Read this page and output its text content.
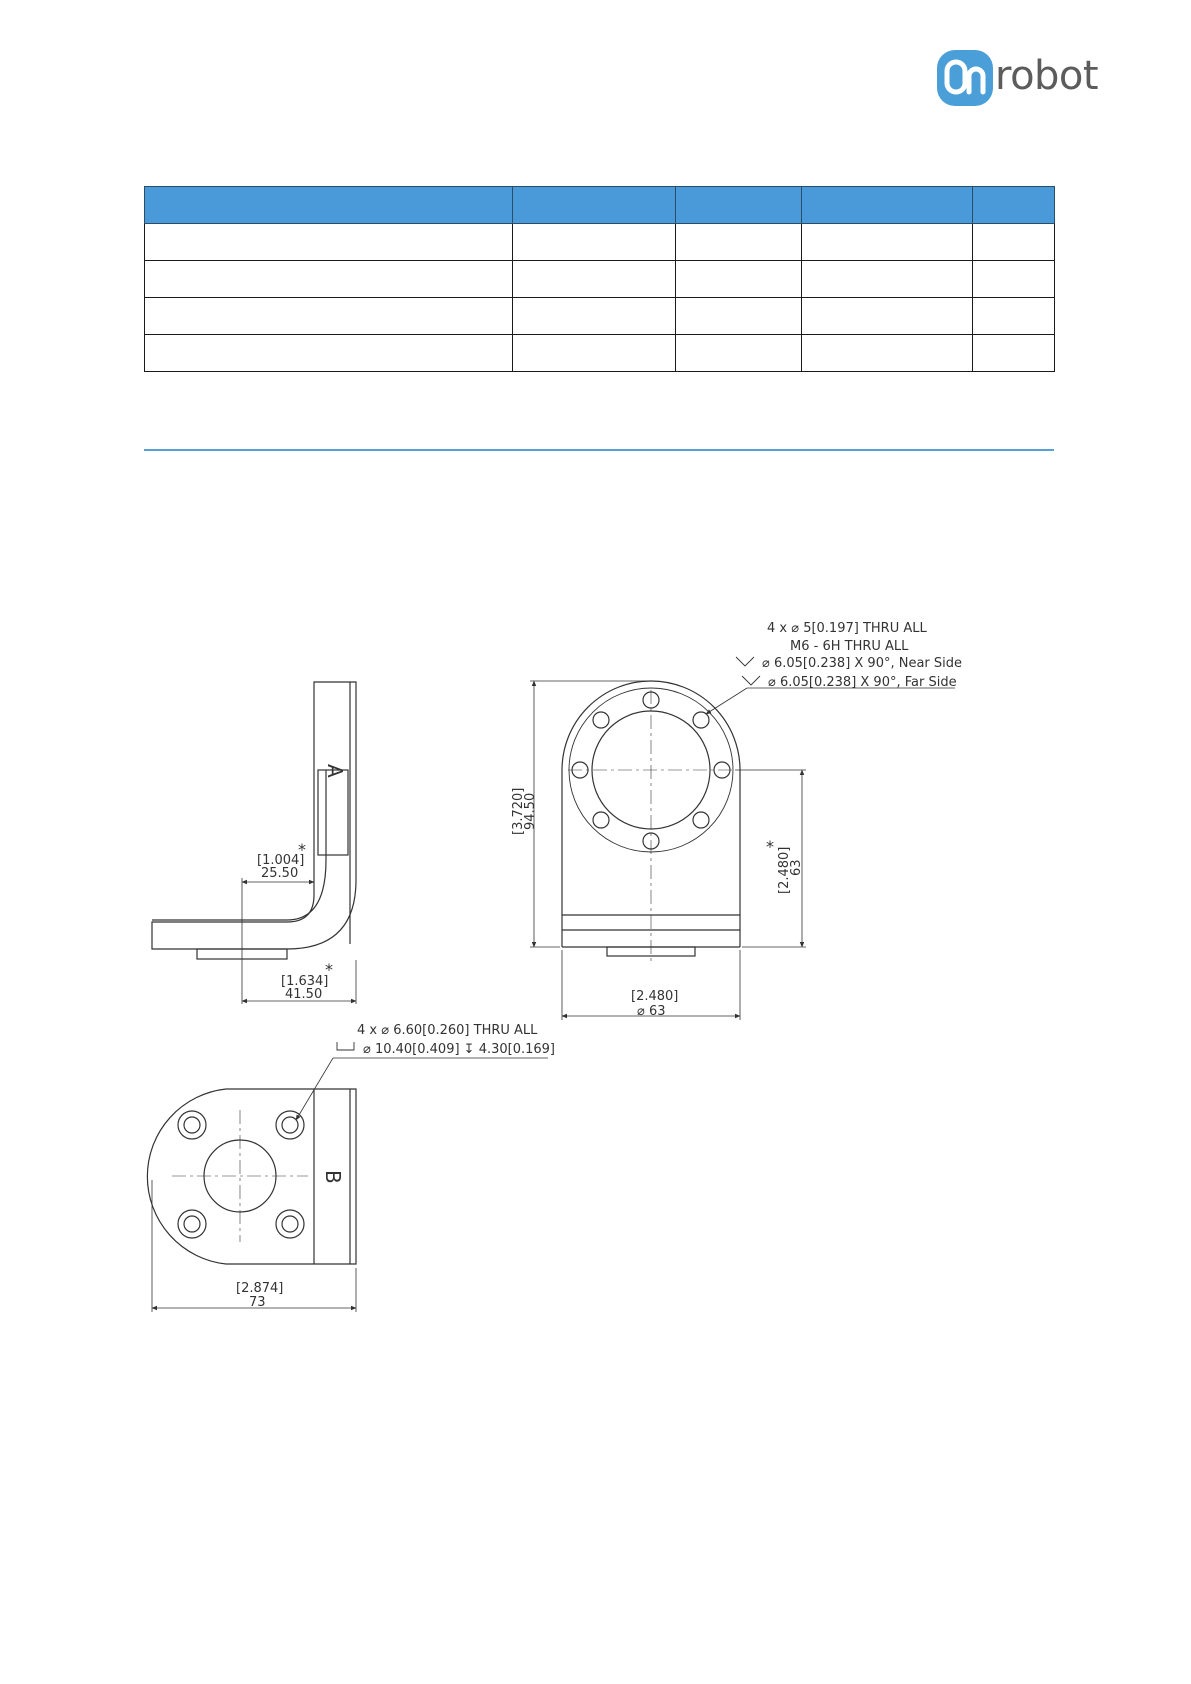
robot

[1.004]
*
25.50
[1.634]
*
41.50
A
4 x ⌀ 5[0.197] THRU ALL
M6 - 6H THRU ALL
⌀ 6.05[0.238] X 90°, Near Side
⌀ 6.05[0.238] X 90°, Far Side
[3.720]
94.50
[2.480]
63
*
[2.480]
⌀ 63
4 x ⌀ 6.60[0.260] THRU ALL
⌀ 10.40[0.409] ↧ 4.30[0.169]
B
[2.874]
73
